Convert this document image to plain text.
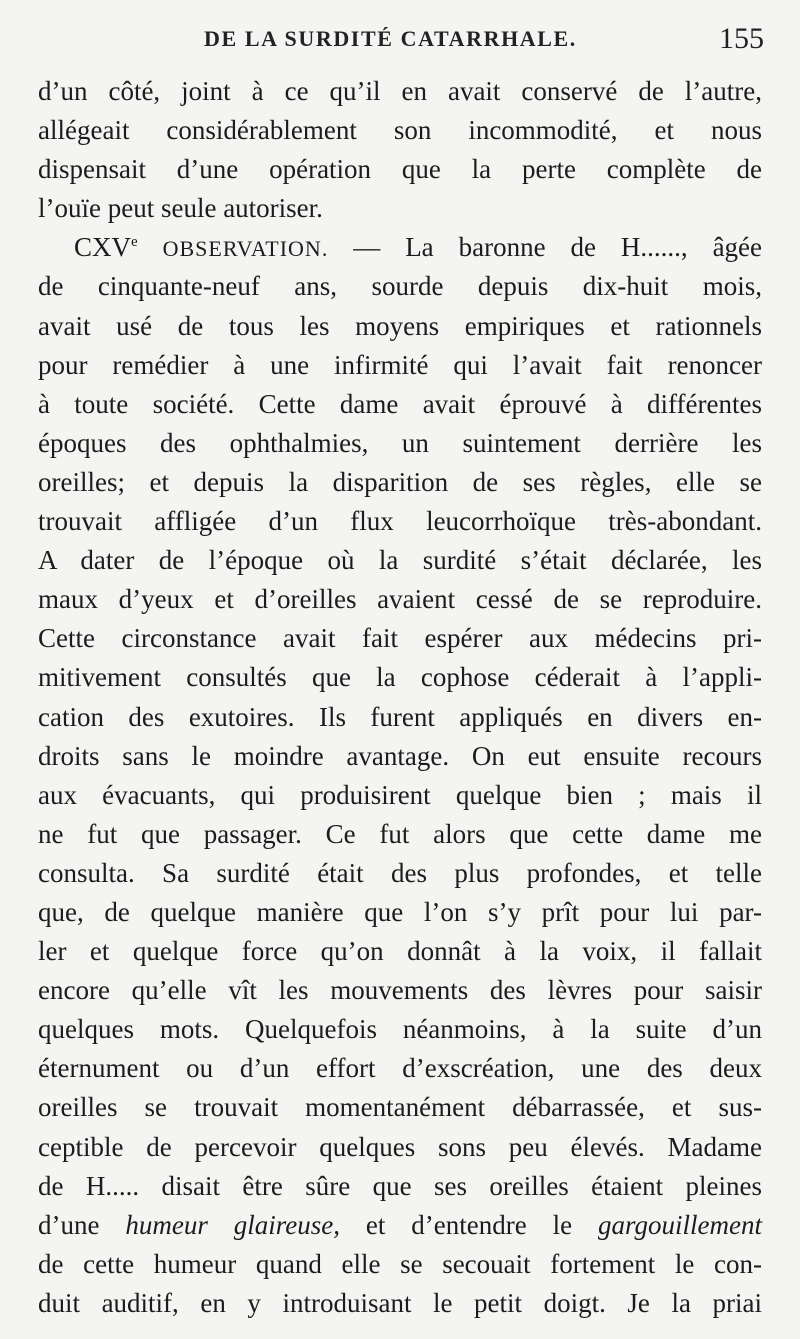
DE LA SURDITÉ CATARRHALE.	155
d’un côté, joint à ce qu’il en avait conservé de l’autre,
allégeait considérablement son incommodité, et nous
dispensait d’une opération que la perte complète de
l’ouïe peut seule autoriser.
CXVe OBSERVATION. — La baronne de H......, âgée
de cinquante-neuf ans, sourde depuis dix-huit mois,
avait usé de tous les moyens empiriques et rationnels
pour remédier à une infirmité qui l’avait fait renoncer
à toute société. Cette dame avait éprouvé à différentes
époques des ophthalmies, un suintement derrière les
oreilles; et depuis la disparition de ses règles, elle se
trouvait affligée d’un flux leucorrhoïque très-abondant.
A dater de l’époque où la surdité s’était déclarée, les
maux d’yeux et d’oreilles avaient cessé de se reproduire.
Cette circonstance avait fait espérer aux médecins pri-
mitivement consultés que la cophose céderait à l’appli-
cation des exutoires. Ils furent appliqués en divers en-
droits sans le moindre avantage. On eut ensuite recours
aux évacuants, qui produisirent quelque bien ; mais il
ne fut que passager. Ce fut alors que cette dame me
consulta. Sa surdité était des plus profondes, et telle
que, de quelque manière que l’on s’y prît pour lui par-
ler et quelque force qu’on donnât à la voix, il fallait
encore qu’elle vît les mouvements des lèvres pour saisir
quelques mots. Quelquefois néanmoins, à la suite d’un
éternument ou d’un effort d’exscréation, une des deux
oreilles se trouvait momentanément débarrassée, et sus-
ceptible de percevoir quelques sons peu élevés. Madame
de H..... disait être sûre que ses oreilles étaient pleines
d’une humeur glaireuse, et d’entendre le gargouillement
de cette humeur quand elle se secouait fortement le con-
duit auditif, en y introduisant le petit doigt. Je la priai
